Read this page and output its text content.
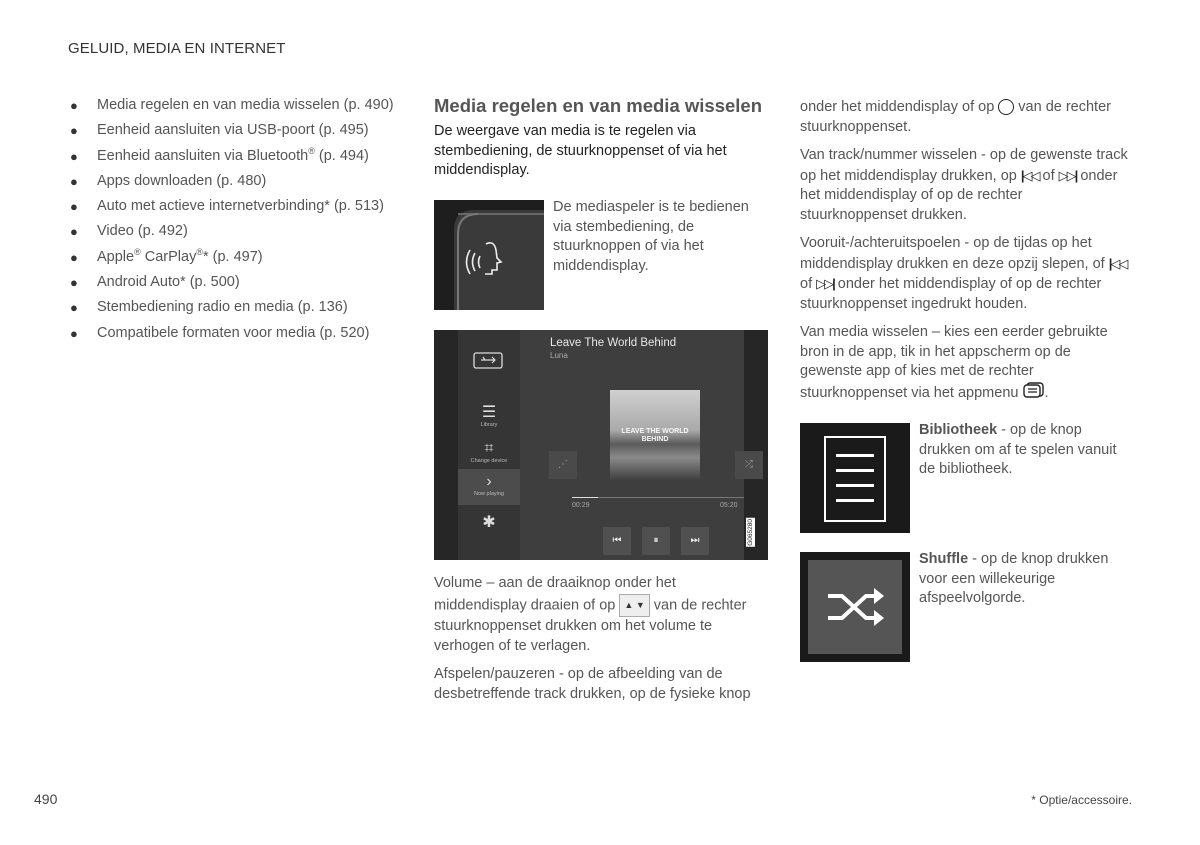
GELUID, MEDIA EN INTERNET
● Media regelen en van media wisselen (p. 490)
● Eenheid aansluiten via USB-poort (p. 495)
● Eenheid aansluiten via Bluetooth® (p. 494)
● Apps downloaden (p. 480)
● Auto met actieve internetverbinding* (p. 513)
● Video (p. 492)
● Apple® CarPlay®* (p. 497)
● Android Auto* (p. 500)
● Stembediening radio en media (p. 136)
● Compatibele formaten voor media (p. 520)
Media regelen en van media wisselen

De weergave van media is te regelen via stembediening, de stuurknoppenset of via het middendisplay.

De mediaspeler is te bedienen via stembediening, de stuurknoppen of via het middendisplay.
☰
Library
⌗
Change device
›
Now playing
✱
Leave The World Behind
Luna
⋰
LEAVE THE WORLD BEHIND
⤮
00:29	05:20
⏮	⏸	⏭	G065280

Volume – aan de draaiknop onder het middendisplay draaien of op ▲ ▼ van de rechter stuurknoppenset drukken om het volume te verhogen of te verlagen.

Afspelen/pauzeren - op de afbeelding van de desbetreffende track drukken, op de fysieke knop

onder het middendisplay of op van de rechter stuurknoppenset.

Van track/nummer wisselen - op de gewenste track op het middendisplay drukken, op |◁◁ of ▷▷| onder het middendisplay of op de rechter stuurknoppenset drukken.

Vooruit-/achteruitspoelen - op de tijdas op het middendisplay drukken en deze opzij slepen, of |◁◁ of ▷▷| onder het middendisplay of op de rechter stuurknoppenset ingedrukt houden.

Van media wisselen – kies een eerder gebruikte bron in de app, tik in het appscherm op de gewenste app of kies met de rechter stuurknoppenset via het appmenu .

Bibliotheek - op de knop drukken om af te spelen vanuit de bibliotheek.
Shuffle - op de knop drukken voor een willekeurige afspeelvolgorde.
490	* Optie/accessoire.
